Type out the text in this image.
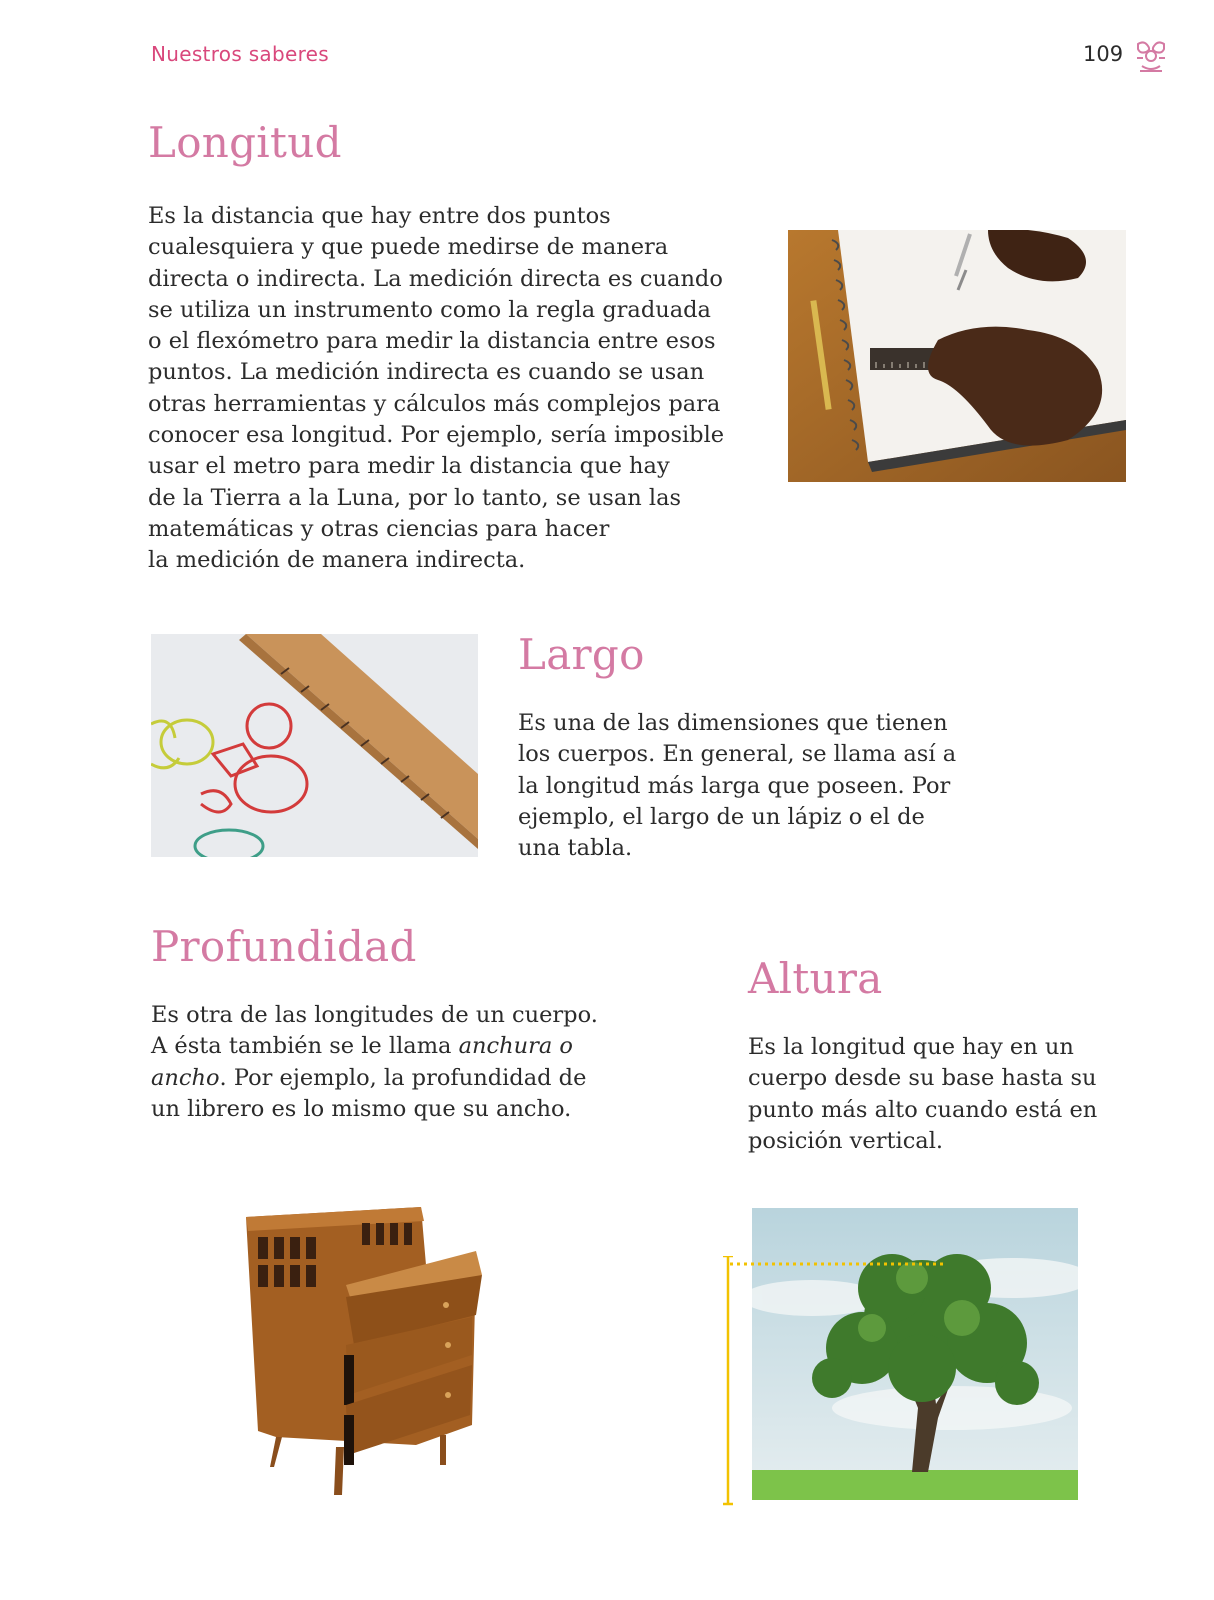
Nuestros saberes	109
Longitud

Es la distancia que hay entre dos puntos

cualesquiera y que puede medirse de manera

directa o indirecta. La medición directa es cuando

se utiliza un instrumento como la regla graduada

o el flexómetro para medir la distancia entre esos

puntos. La medición indirecta es cuando se usan

otras herramientas y cálculos más complejos para

conocer esa longitud. Por ejemplo, sería imposible

usar el metro para medir la distancia que hay

de la Tierra a la Luna, por lo tanto, se usan las

matemáticas y otras ciencias para hacer

la medición de manera indirecta.

Largo

Es una de las dimensiones que tienen

los cuerpos. En general, se llama así a

la longitud más larga que poseen. Por

ejemplo, el largo de un lápiz o el de

una tabla.

Profundidad

Es otra de las longitudes de un cuerpo.

A ésta también se le llama anchura o

ancho. Por ejemplo, la profundidad de

un librero es lo mismo que su ancho.

Altura

Es la longitud que hay en un

cuerpo desde su base hasta su

punto más alto cuando está en

posición vertical.
